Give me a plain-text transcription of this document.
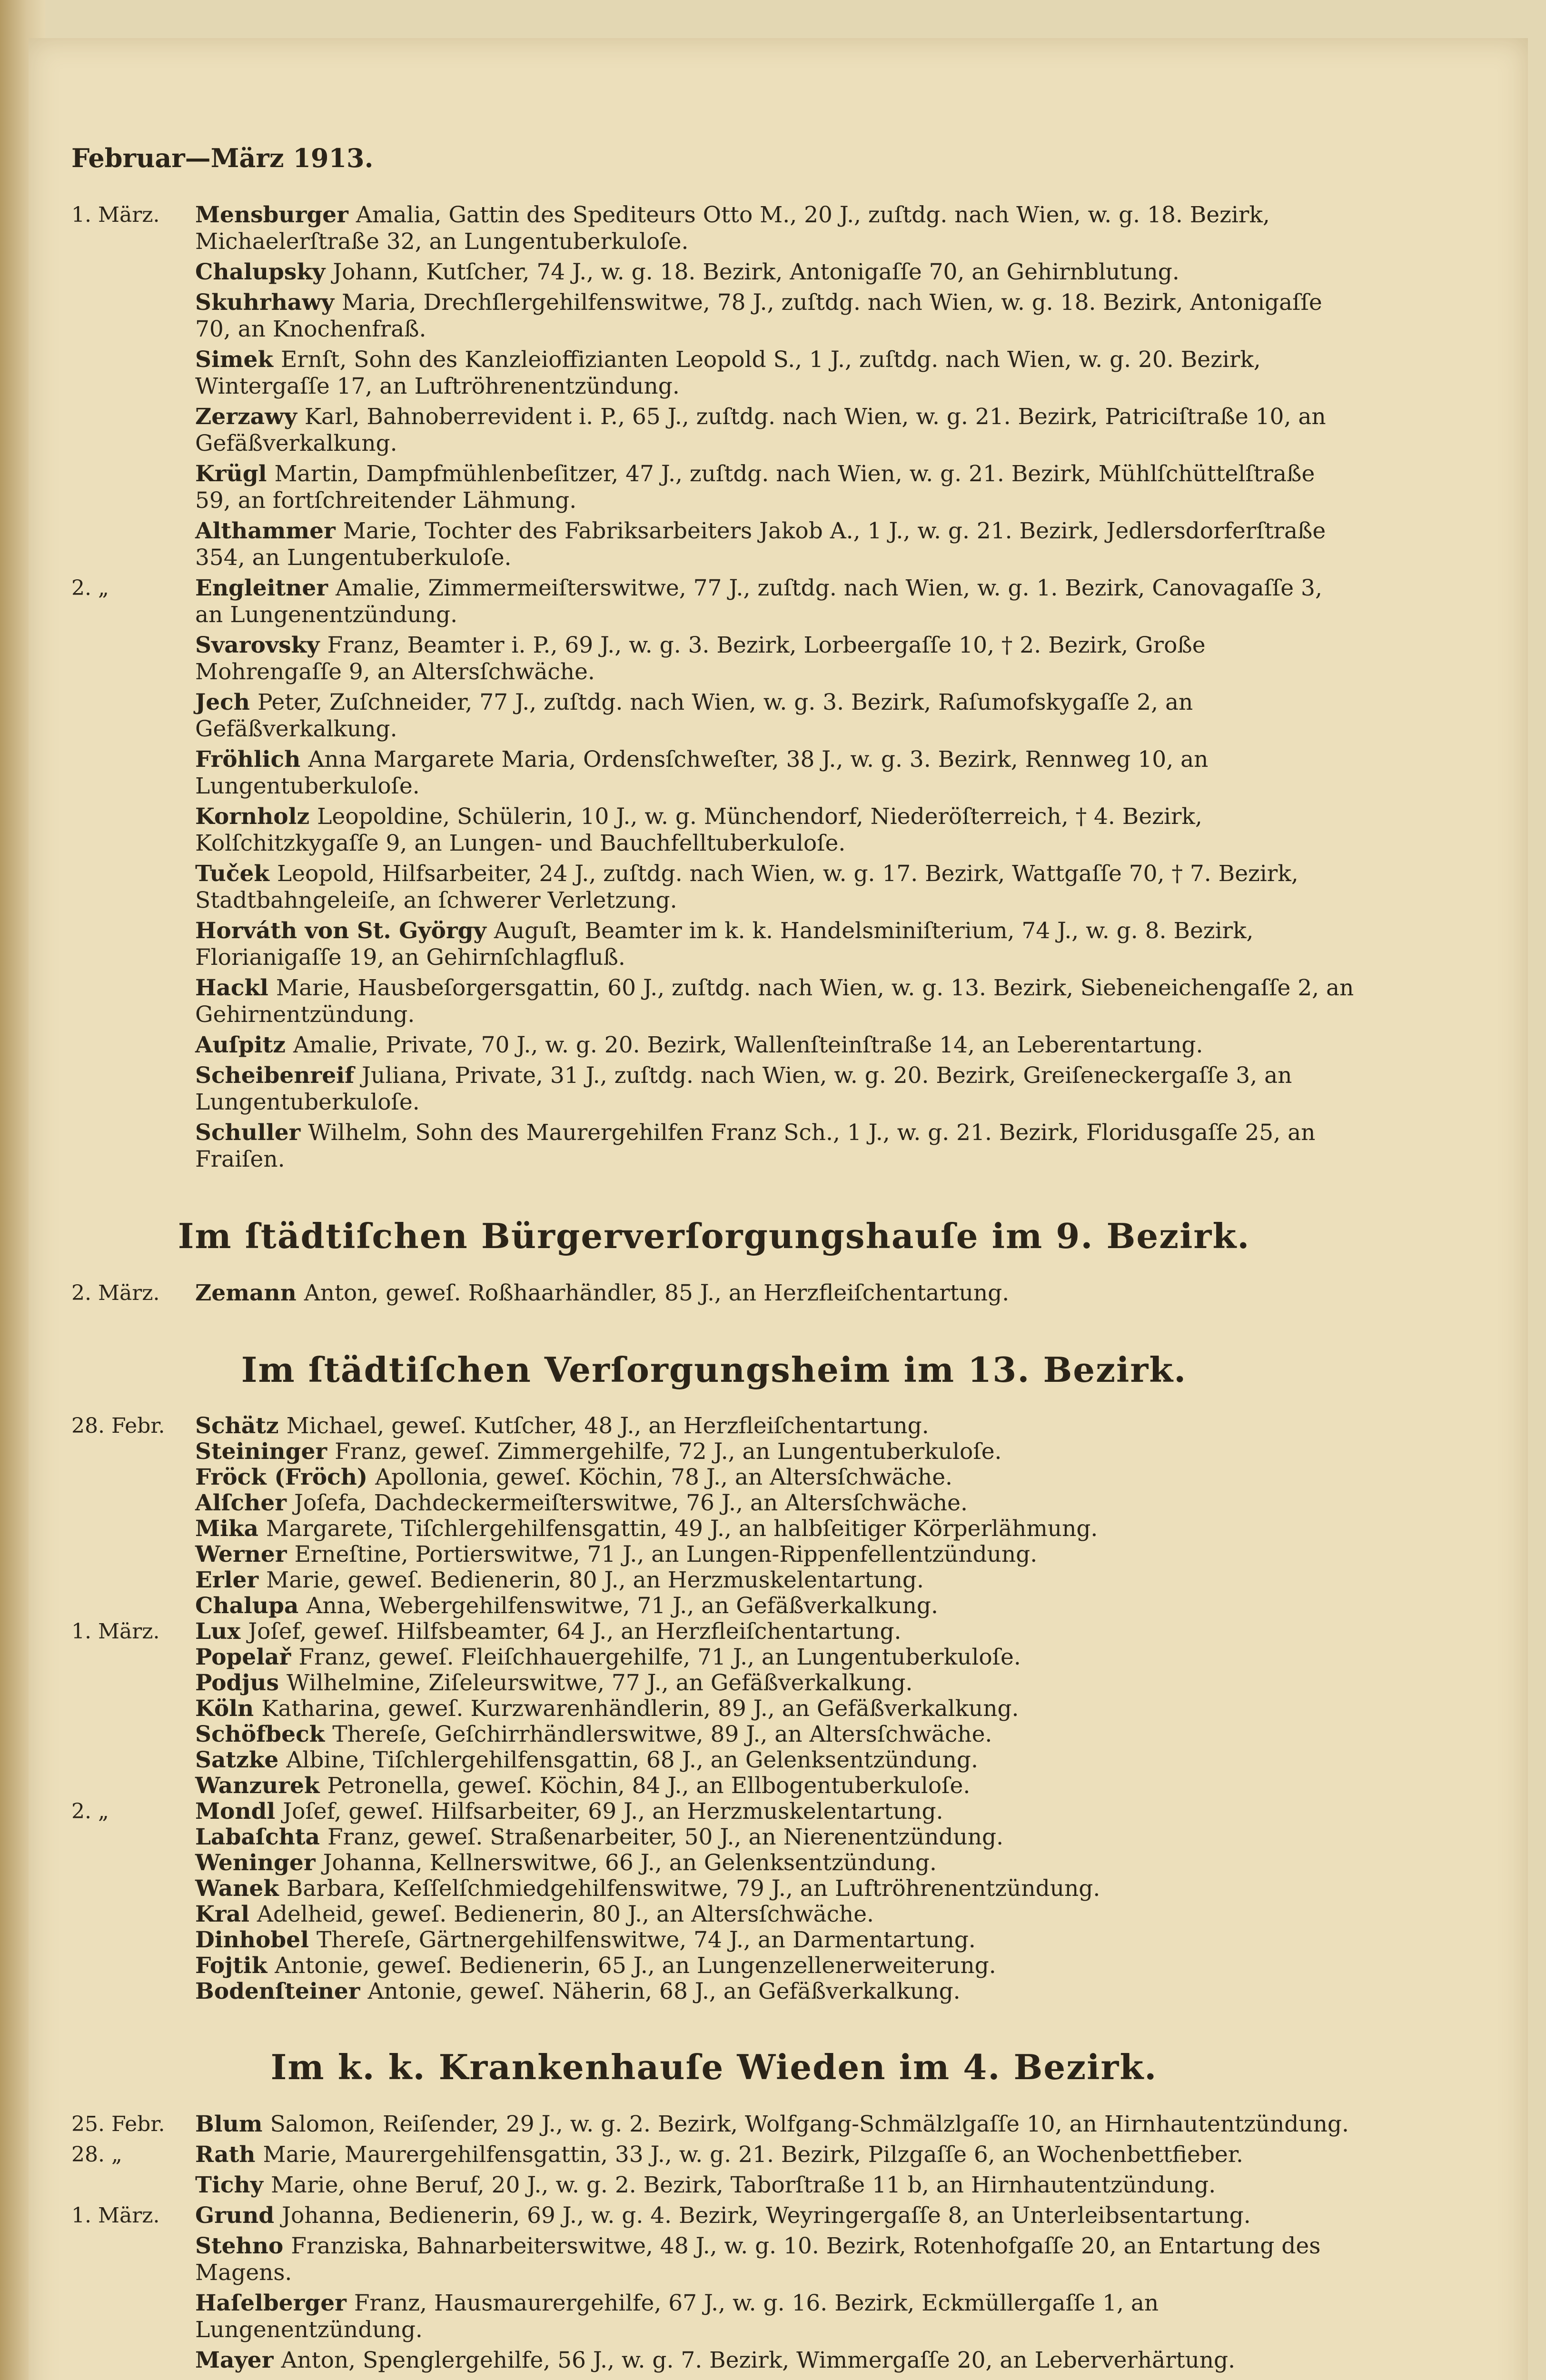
Februar—März 1913.
1. März.	Mensburger Amalia, Gattin des Spediteurs Otto M., 20 J., zuſtdg. nach Wien, w. g. 18. Bezirk, Michaelerſtraße 32, an Lungentuberkuloſe.
Chalupsky Johann, Kutſcher, 74 J., w. g. 18. Bezirk, Antonigaſſe 70, an Gehirnblutung.
Skuhrhawy Maria, Drechſlergehilfenswitwe, 78 J., zuſtdg. nach Wien, w. g. 18. Bezirk, Antonigaſſe 70, an Knochenfraß.
Simek Ernſt, Sohn des Kanzleioffizianten Leopold S., 1 J., zuſtdg. nach Wien, w. g. 20. Bezirk, Wintergaſſe 17, an Luftröhrenentzündung.
Zerzawy Karl, Bahnoberrevident i. P., 65 J., zuſtdg. nach Wien, w. g. 21. Bezirk, Patriciſtraße 10, an Gefäßverkalkung.
Krügl Martin, Dampfmühlenbeſitzer, 47 J., zuſtdg. nach Wien, w. g. 21. Bezirk, Mühlſchüttelſtraße 59, an fortſchreitender Lähmung.
Althammer Marie, Tochter des Fabriksarbeiters Jakob A., 1 J., w. g. 21. Bezirk, Jedlersdorferſtraße 354, an Lungentuberkuloſe.
2. „	Engleitner Amalie, Zimmermeiſterswitwe, 77 J., zuſtdg. nach Wien, w. g. 1. Bezirk, Canovagaſſe 3, an Lungenentzündung.
Svarovsky Franz, Beamter i. P., 69 J., w. g. 3. Bezirk, Lorbeergaſſe 10, † 2. Bezirk, Große Mohrengaſſe 9, an Altersſchwäche.
Jech Peter, Zuſchneider, 77 J., zuſtdg. nach Wien, w. g. 3. Bezirk, Raſumofskygaſſe 2, an Gefäßverkalkung.
Fröhlich Anna Margarete Maria, Ordensſchweſter, 38 J., w. g. 3. Bezirk, Rennweg 10, an Lungentuberkuloſe.
Kornholz Leopoldine, Schülerin, 10 J., w. g. Münchendorf, Niederöſterreich, † 4. Bezirk, Kolſchitzkygaſſe 9, an Lungen- und Bauchfelltuberkuloſe.
Tuček Leopold, Hilfsarbeiter, 24 J., zuſtdg. nach Wien, w. g. 17. Bezirk, Wattgaſſe 70, † 7. Bezirk, Stadtbahngeleiſe, an ſchwerer Verletzung.
Horváth von St. György Auguſt, Beamter im k. k. Handelsminiſterium, 74 J., w. g. 8. Bezirk, Florianigaſſe 19, an Gehirnſchlagfluß.
Hackl Marie, Hausbeſorgersgattin, 60 J., zuſtdg. nach Wien, w. g. 13. Bezirk, Siebeneichengaſſe 2, an Gehirnentzündung.
Auſpitz Amalie, Private, 70 J., w. g. 20. Bezirk, Wallenſteinſtraße 14, an Leberentartung.
Scheibenreif Juliana, Private, 31 J., zuſtdg. nach Wien, w. g. 20. Bezirk, Greiſeneckergaſſe 3, an Lungentuberkuloſe.
Schuller Wilhelm, Sohn des Maurergehilfen Franz Sch., 1 J., w. g. 21. Bezirk, Floridusgaſſe 25, an Fraiſen.
Im ſtädtiſchen Bürgerverſorgungshauſe im 9. Bezirk.
2. März.	Zemann Anton, geweſ. Roßhaarhändler, 85 J., an Herzfleiſchentartung.
Im ſtädtiſchen Verſorgungsheim im 13. Bezirk.
28. Febr.	Schätz Michael, geweſ. Kutſcher, 48 J., an Herzfleiſchentartung.
Steininger Franz, geweſ. Zimmergehilfe, 72 J., an Lungentuberkuloſe.
Fröck (Fröch) Apollonia, geweſ. Köchin, 78 J., an Altersſchwäche.
Alſcher Joſefa, Dachdeckermeiſterswitwe, 76 J., an Altersſchwäche.
Mika Margarete, Tiſchlergehilfensgattin, 49 J., an halbſeitiger Körperlähmung.
Werner Erneſtine, Portierswitwe, 71 J., an Lungen-Rippenfellentzündung.
Erler Marie, geweſ. Bedienerin, 80 J., an Herzmuskelentartung.
Chalupa Anna, Webergehilfenswitwe, 71 J., an Gefäßverkalkung.
1. März.	Lux Joſef, geweſ. Hilfsbeamter, 64 J., an Herzfleiſchentartung.
Popelař Franz, geweſ. Fleiſchhauergehilfe, 71 J., an Lungentuberkuloſe.
Podjus Wilhelmine, Ziſeleurswitwe, 77 J., an Gefäßverkalkung.
Köln Katharina, geweſ. Kurzwarenhändlerin, 89 J., an Gefäßverkalkung.
Schöfbeck Thereſe, Geſchirrhändlerswitwe, 89 J., an Altersſchwäche.
Satzke Albine, Tiſchlergehilfensgattin, 68 J., an Gelenksentzündung.
Wanzurek Petronella, geweſ. Köchin, 84 J., an Ellbogentuberkuloſe.
2. „	Mondl Joſef, geweſ. Hilfsarbeiter, 69 J., an Herzmuskelentartung.
Labaſchta Franz, geweſ. Straßenarbeiter, 50 J., an Nierenentzündung.
Weninger Johanna, Kellnerswitwe, 66 J., an Gelenksentzündung.
Wanek Barbara, Keſſelſchmiedgehilfenswitwe, 79 J., an Luftröhrenentzündung.
Kral Adelheid, geweſ. Bedienerin, 80 J., an Altersſchwäche.
Dinhobel Thereſe, Gärtnergehilfenswitwe, 74 J., an Darmentartung.
Fojtik Antonie, geweſ. Bedienerin, 65 J., an Lungenzellenerweiterung.
Bodenſteiner Antonie, geweſ. Näherin, 68 J., an Gefäßverkalkung.
Im k. k. Krankenhauſe Wieden im 4. Bezirk.
25. Febr.	Blum Salomon, Reiſender, 29 J., w. g. 2. Bezirk, Wolfgang-Schmälzlgaſſe 10, an Hirnhautentzündung.
28. „	Rath Marie, Maurergehilfensgattin, 33 J., w. g. 21. Bezirk, Pilzgaſſe 6, an Wochenbettfieber.
Tichy Marie, ohne Beruf, 20 J., w. g. 2. Bezirk, Taborſtraße 11 b, an Hirnhautentzündung.
1. März.	Grund Johanna, Bedienerin, 69 J., w. g. 4. Bezirk, Weyringergaſſe 8, an Unterleibsentartung.
Stehno Franziska, Bahnarbeiterswitwe, 48 J., w. g. 10. Bezirk, Rotenhofgaſſe 20, an Entartung des Magens.
Haſelberger Franz, Hausmaurergehilfe, 67 J., w. g. 16. Bezirk, Eckmüllergaſſe 1, an Lungenentzündung.
Mayer Anton, Spenglergehilfe, 56 J., w. g. 7. Bezirk, Wimmergaſſe 20, an Leberverhärtung.
